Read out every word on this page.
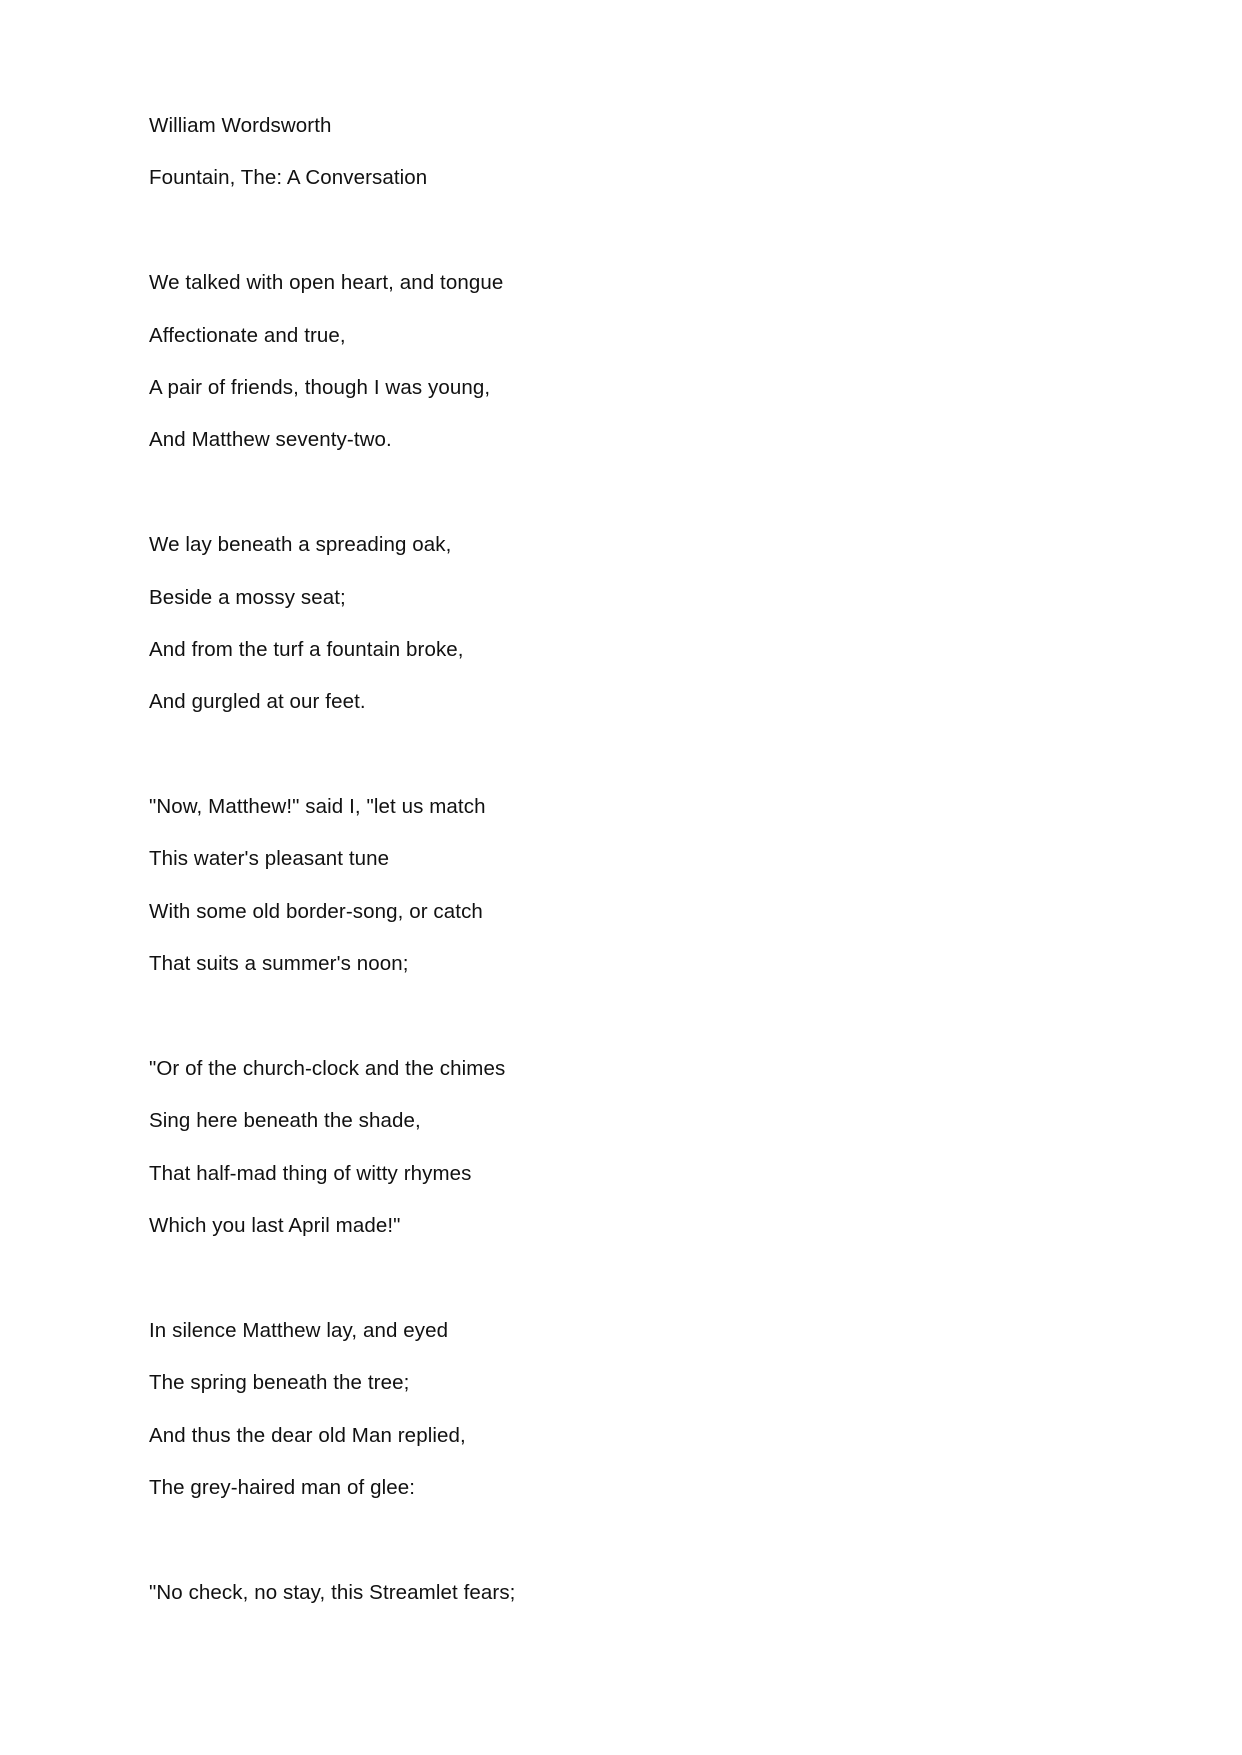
William Wordsworth
Fountain, The: A Conversation
We talked with open heart, and tongue
Affectionate and true,
A pair of friends, though I was young,
And Matthew seventy-two.
We lay beneath a spreading oak,
Beside a mossy seat;
And from the turf a fountain broke,
And gurgled at our feet.
"Now, Matthew!" said I, "let us match
This water's pleasant tune
With some old border-song, or catch
That suits a summer's noon;
"Or of the church-clock and the chimes
Sing here beneath the shade,
That half-mad thing of witty rhymes
Which you last April made!"
In silence Matthew lay, and eyed
The spring beneath the tree;
And thus the dear old Man replied,
The grey-haired man of glee:
"No check, no stay, this Streamlet fears;
